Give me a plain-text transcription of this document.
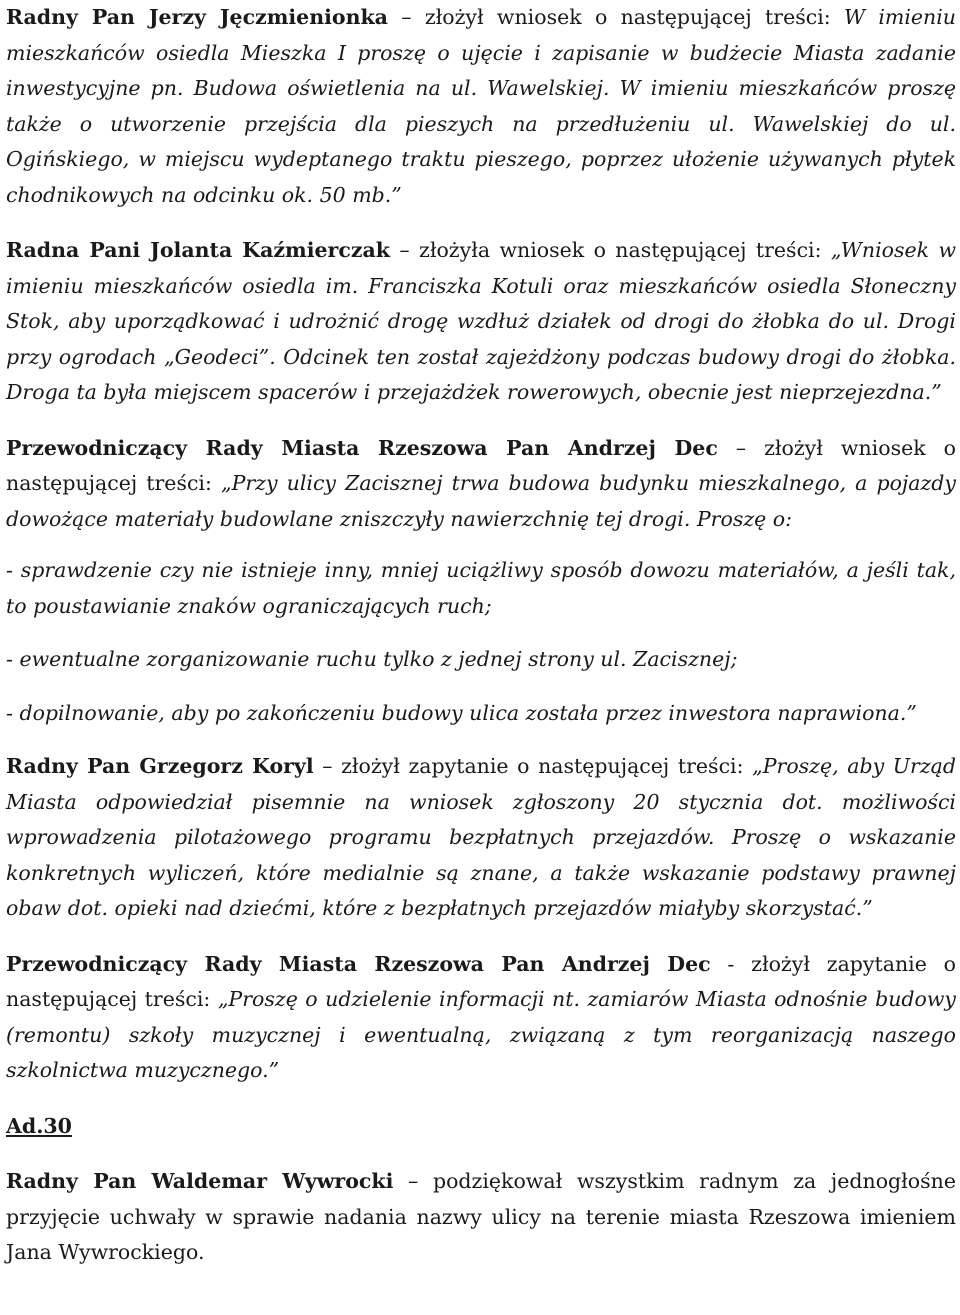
Radny Pan Jerzy Jęczmienionka – złożył wniosek o następującej treści: W imieniu mieszkańców osiedla Mieszka I proszę o ujęcie i zapisanie w budżecie Miasta zadanie inwestycyjne pn. Budowa oświetlenia na ul. Wawelskiej. W imieniu mieszkańców proszę także o utworzenie przejścia dla pieszych na przedłużeniu ul. Wawelskiej do ul. Ogińskiego, w miejscu wydeptanego traktu pieszego, poprzez ułożenie używanych płytek chodnikowych na odcinku ok. 50 mb.”

Radna Pani Jolanta Kaźmierczak – złożyła wniosek o następującej treści: „Wniosek w imieniu mieszkańców osiedla im. Franciszka Kotuli oraz mieszkańców osiedla Słoneczny Stok, aby uporządkować i udrożnić drogę wzdłuż działek od drogi do żłobka do ul. Drogi przy ogrodach „Geodeci”. Odcinek ten został zajeżdżony podczas budowy drogi do żłobka. Droga ta była miejscem spacerów i przejażdżek rowerowych, obecnie jest nieprzejezdna.”

Przewodniczący Rady Miasta Rzeszowa Pan Andrzej Dec – złożył wniosek o następującej treści: „Przy ulicy Zacisznej trwa budowa budynku mieszkalnego, a pojazdy dowożące materiały budowlane zniszczyły nawierzchnię tej drogi. Proszę o:

- sprawdzenie czy nie istnieje inny, mniej uciążliwy sposób dowozu materiałów, a jeśli tak, to poustawianie znaków ograniczających ruch;

- ewentualne zorganizowanie ruchu tylko z jednej strony ul. Zacisznej;

- dopilnowanie, aby po zakończeniu budowy ulica została przez inwestora naprawiona.”

Radny Pan Grzegorz Koryl – złożył zapytanie o następującej treści: „Proszę, aby Urząd Miasta odpowiedział pisemnie na wniosek zgłoszony 20 stycznia dot. możliwości wprowadzenia pilotażowego programu bezpłatnych przejazdów. Proszę o wskazanie konkretnych wyliczeń, które medialnie są znane, a także wskazanie podstawy prawnej obaw dot. opieki nad dziećmi, które z bezpłatnych przejazdów miałyby skorzystać.”

Przewodniczący Rady Miasta Rzeszowa Pan Andrzej Dec - złożył zapytanie o następującej treści: „Proszę o udzielenie informacji nt. zamiarów Miasta odnośnie budowy (remontu) szkoły muzycznej i ewentualną, związaną z tym reorganizacją naszego szkolnictwa muzycznego.”

Ad.30

Radny Pan Waldemar Wywrocki – podziękował wszystkim radnym za jednogłośne przyjęcie uchwały w sprawie nadania nazwy ulicy na terenie miasta Rzeszowa imieniem Jana Wywrockiego.
